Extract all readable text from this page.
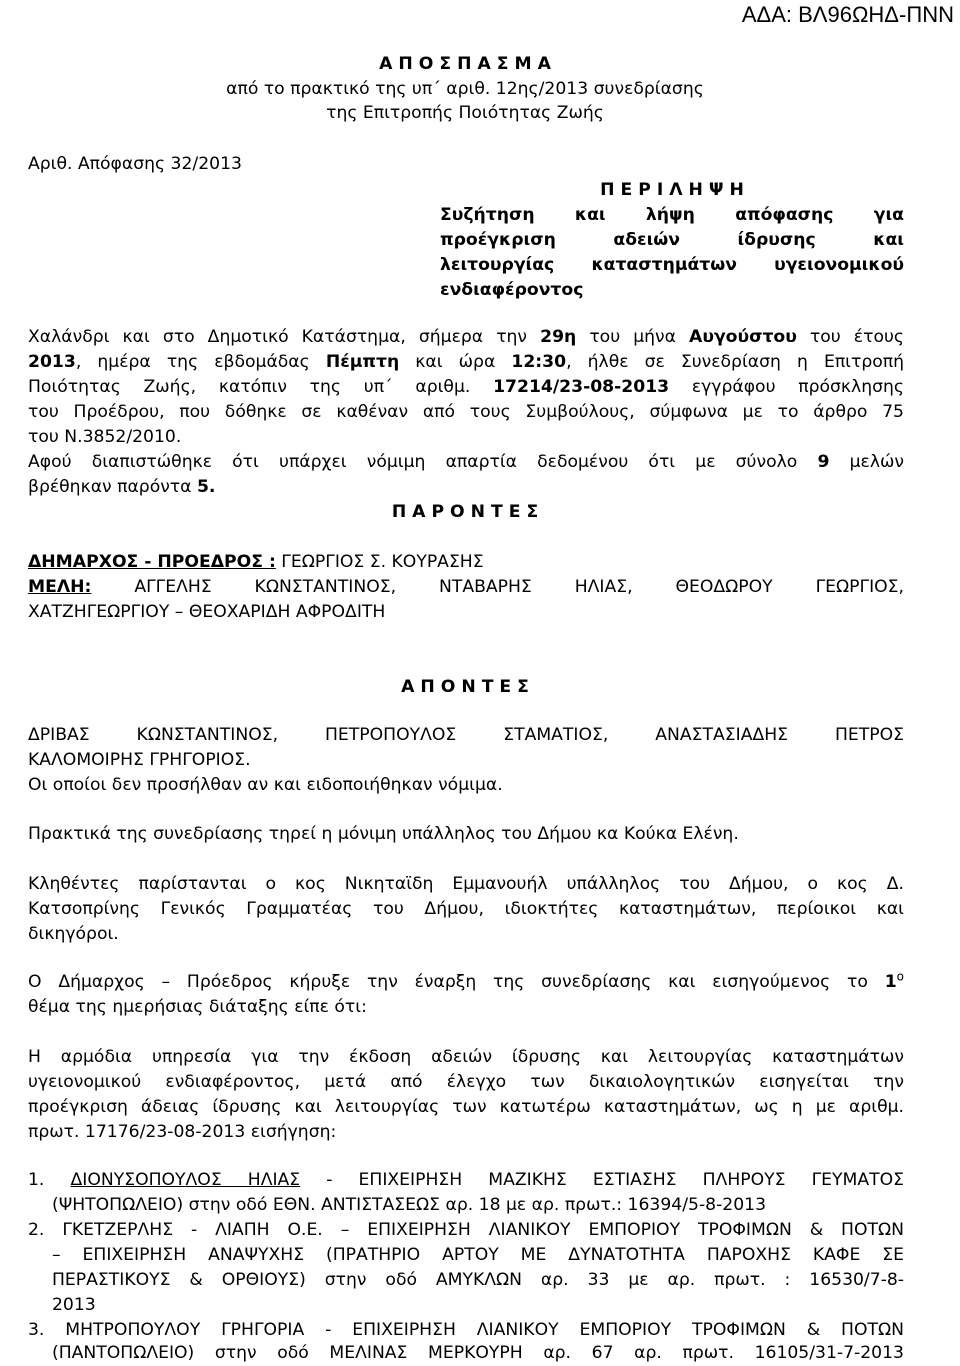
ΑΔΑ: ΒΛ96ΩΗΔ-ΠΝΝ
Α Π Ο Σ Π Α Σ Μ Α
από το πρακτικό της υπ΄ αριθ. 12ης/2013 συνεδρίασης
της Επιτροπής Ποιότητας Ζωής
Αριθ. Απόφασης 32/2013
Π Ε Ρ Ι Λ Η Ψ Η
Συζήτηση και λήψη απόφασης για
προέγκριση αδειών ίδρυσης και
λειτουργίας καταστημάτων υγειονομικού
ενδιαφέροντος
Χαλάνδρι και στο Δημοτικό Κατάστημα, σήμερα την 29η του μήνα Αυγούστου του έτους
2013, ημέρα της εβδομάδας Πέμπτη και ώρα 12:30, ήλθε σε Συνεδρίαση η Επιτροπή
Ποιότητας Ζωής, κατόπιν της υπ΄ αριθμ. 17214/23-08-2013 εγγράφου πρόσκλησης
του Προέδρου, που δόθηκε σε καθέναν από τους Συμβούλους, σύμφωνα με το άρθρο 75
του Ν.3852/2010.
Αφού διαπιστώθηκε ότι υπάρχει νόμιμη απαρτία δεδομένου ότι με σύνολο 9 μελών
βρέθηκαν παρόντα 5.
Π Α Ρ Ο Ν Τ Ε Σ
ΔΗΜΑΡΧΟΣ - ΠΡΟΕΔΡΟΣ : ΓΕΩΡΓΙΟΣ Σ. ΚΟΥΡΑΣΗΣ
ΜΕΛΗ: ΑΓΓΕΛΗΣ ΚΩΝΣΤΑΝΤΙΝΟΣ, ΝΤΑΒΑΡΗΣ ΗΛΙΑΣ, ΘΕΟΔΩΡΟΥ ΓΕΩΡΓΙΟΣ,
ΧΑΤΖΗΓΕΩΡΓΙΟΥ – ΘΕΟΧΑΡΙΔΗ ΑΦΡΟΔΙΤΗ
Α Π Ο Ν Τ Ε Σ
ΔΡΙΒΑΣ ΚΩΝΣΤΑΝΤΙΝΟΣ, ΠΕΤΡΟΠΟΥΛΟΣ ΣΤΑΜΑΤΙΟΣ, ΑΝΑΣΤΑΣΙΑΔΗΣ ΠΕΤΡΟΣ
ΚΑΛΟΜΟΙΡΗΣ ΓΡΗΓΟΡΙΟΣ.
Οι οποίοι δεν προσήλθαν αν και ειδοποιήθηκαν νόμιμα.
Πρακτικά της συνεδρίασης τηρεί η μόνιμη υπάλληλος του Δήμου κα Κούκα Ελένη.
Κληθέντες παρίστανται ο κος Νικηταϊδη Εμμανουήλ υπάλληλος του Δήμου, ο κος Δ.
Κατσοπρίνης Γενικός Γραμματέας του Δήμου, ιδιοκτήτες καταστημάτων, περίοικοι και
δικηγόροι.
Ο Δήμαρχος – Πρόεδρος κήρυξε την έναρξη της συνεδρίασης και εισηγούμενος το $1^o$
θέμα της ημερήσιας διάταξης είπε ότι:
Η αρμόδια υπηρεσία για την έκδοση αδειών ίδρυσης και λειτουργίας καταστημάτων
υγειονομικού ενδιαφέροντος, μετά από έλεγχο των δικαιολογητικών εισηγείται την
προέγκριση άδειας ίδρυσης και λειτουργίας των κατωτέρω καταστημάτων, ως η με αριθμ.
πρωτ. 17176/23-08-2013 εισήγηση:
1. ΔΙΟΝΥΣΟΠΟΥΛΟΣ ΗΛΙΑΣ - ΕΠΙΧΕΙΡΗΣΗ ΜΑΖΙΚΗΣ ΕΣΤΙΑΣΗΣ ΠΛΗΡΟΥΣ ΓΕΥΜΑΤΟΣ
(ΨΗΤΟΠΩΛΕΙΟ) στην οδό ΕΘΝ. ΑΝΤΙΣΤΑΣΕΩΣ αρ. 18 με αρ. πρωτ.: 16394/5-8-2013
2. ΓΚΕΤΖΕΡΛΗΣ - ΛΙΑΠΗ Ο.Ε. – ΕΠΙΧΕΙΡΗΣΗ ΛΙΑΝΙΚΟΥ ΕΜΠΟΡΙΟΥ ΤΡΟΦΙΜΩΝ & ΠΟΤΩΝ
– ΕΠΙΧΕΙΡΗΣΗ ΑΝΑΨΥΧΗΣ (ΠΡΑΤΗΡΙΟ ΑΡΤΟΥ ΜΕ ΔΥΝΑΤΟΤΗΤΑ ΠΑΡΟΧΗΣ ΚΑΦΕ ΣΕ
ΠΕΡΑΣΤΙΚΟΥΣ & ΟΡΘΙΟΥΣ) στην οδό ΑΜΥΚΛΩΝ αρ. 33 με αρ. πρωτ. : 16530/7-8-
2013
3. ΜΗΤΡΟΠΟΥΛΟΥ ΓΡΗΓΟΡΙΑ - ΕΠΙΧΕΙΡΗΣΗ ΛΙΑΝΙΚΟΥ ΕΜΠΟΡΙΟΥ ΤΡΟΦΙΜΩΝ & ΠΟΤΩΝ
(ΠΑΝΤΟΠΩΛΕΙΟ) στην οδό ΜΕΛΙΝΑΣ ΜΕΡΚΟΥΡΗ αρ. 67 αρ. πρωτ. 16105/31-7-2013
